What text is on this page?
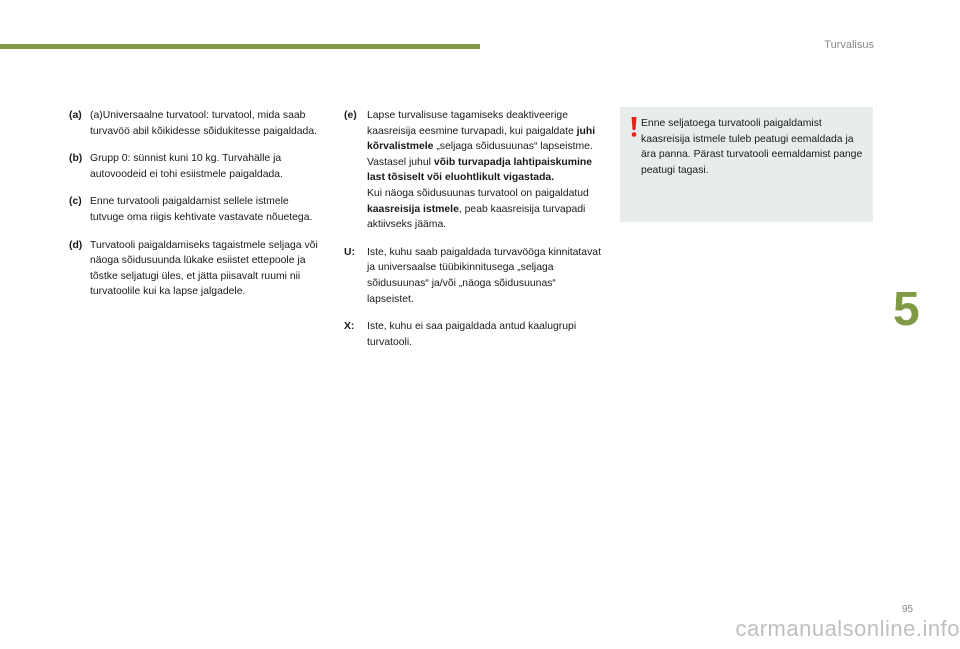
Turvalisus
5
(a) (a)Universaalne turvatool: turvatool, mida saab turvavöö abil kõikidesse sõidukitesse paigaldada.
(b) Grupp 0: sünnist kuni 10 kg. Turvahälle ja autovoodeid ei tohi esiistmele paigaldada.
(c) Enne turvatooli paigaldamist sellele istmele tutvuge oma riigis kehtivate vastavate nõuetega.
(d) Turvatooli paigaldamiseks tagaistmele seljaga või näoga sõidusuunda lükake esiistet ettepoole ja tõstke seljatugi üles, et jätta piisavalt ruumi nii turvatoolile kui ka lapse jalgadele.
(e) Lapse turvalisuse tagamiseks deaktiveerige kaasreisija eesmine turvapadi, kui paigaldate juhi kõrvalistmele „seljaga sõidusuunas“ lapseistme. Vastasel juhul võib turvapadja lahtipaiskumine last tõsiselt või eluohtlikult vigastada.
Kui näoga sõidusuunas turvatool on paigaldatud kaasreisija istmele, peab kaasreisija turvapadi aktiivseks jääma.
U:	Iste, kuhu saab paigaldada turvavööga kinnitatavat ja universaalse tüübikinnitusega „seljaga sõidusuunas“ ja/või „näoga sõidusuunas“ lapseistet.
X:	Iste, kuhu ei saa paigaldada antud kaalugrupi turvatooli.
Enne seljatoega turvatooli paigaldamist kaasreisija istmele tuleb peatugi eemaldada ja ära panna. Pärast turvatooli eemaldamist pange peatugi tagasi.
95
carmanualsonline.info
